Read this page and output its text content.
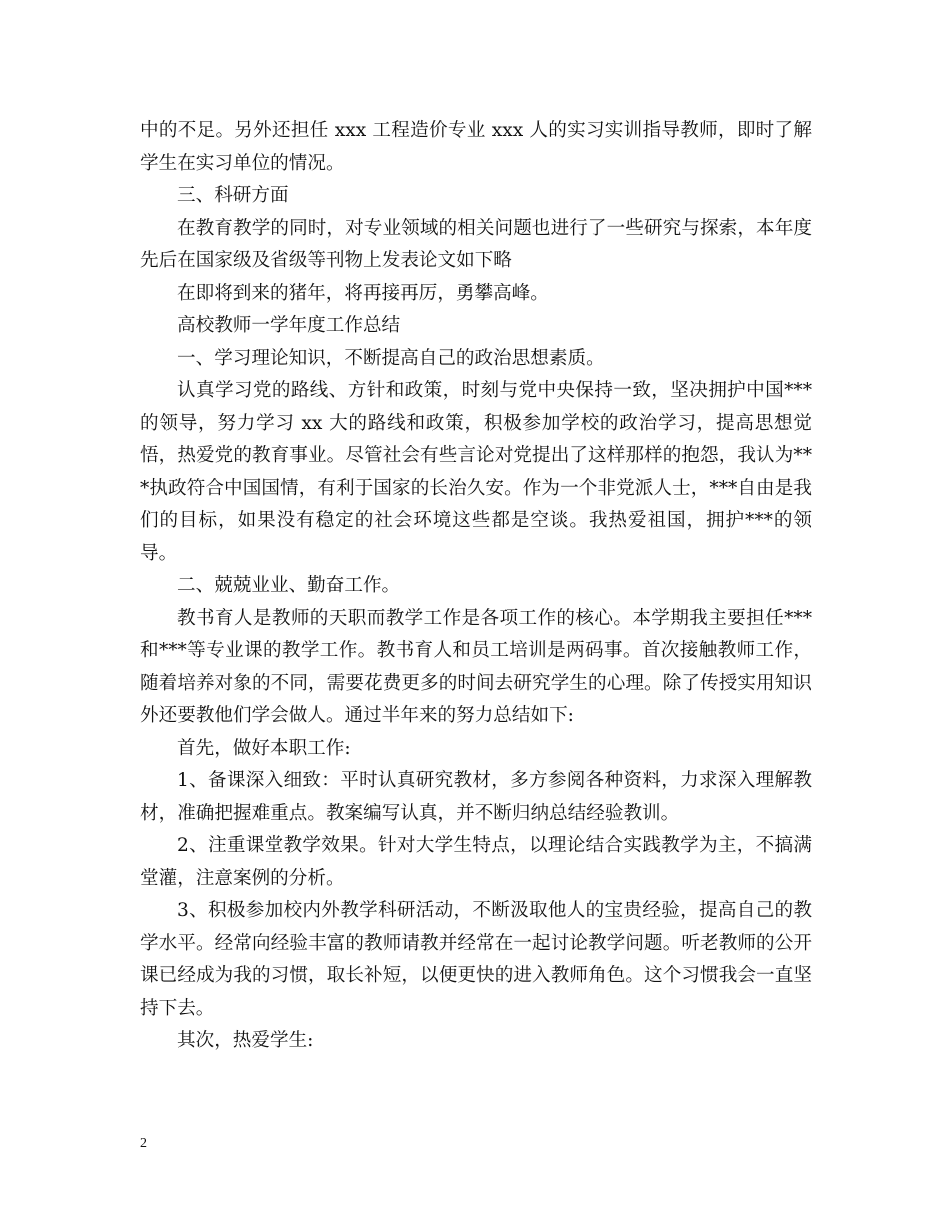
中的不足。另外还担任 xxx 工程造价专业 xxx 人的实习实训指导教师，即时了解学生在实习单位的情况。

三、科研方面

在教育教学的同时，对专业领域的相关问题也进行了一些研究与探索，本年度先后在国家级及省级等刊物上发表论文如下略

在即将到来的猪年，将再接再厉，勇攀高峰。

高校教师一学年度工作总结

一、学习理论知识，不断提高自己的政治思想素质。

认真学习党的路线、方针和政策，时刻与党中央保持一致，坚决拥护中国***的领导，努力学习 xx 大的路线和政策，积极参加学校的政治学习，提高思想觉悟，热爱党的教育事业。尽管社会有些言论对党提出了这样那样的抱怨，我认为***执政符合中国国情，有利于国家的长治久安。作为一个非党派人士，***自由是我们的目标，如果没有稳定的社会环境这些都是空谈。我热爱祖国，拥护***的领导。

二、兢兢业业、勤奋工作。

教书育人是教师的天职而教学工作是各项工作的核心。本学期我主要担任***和***等专业课的教学工作。教书育人和员工培训是两码事。首次接触教师工作，随着培养对象的不同，需要花费更多的时间去研究学生的心理。除了传授实用知识外还要教他们学会做人。通过半年来的努力总结如下:

首先，做好本职工作:

1、备课深入细致：平时认真研究教材，多方参阅各种资料，力求深入理解教材，准确把握难重点。教案编写认真，并不断归纳总结经验教训。

2、注重课堂教学效果。针对大学生特点，以理论结合实践教学为主，不搞满堂灌，注意案例的分析。

3、积极参加校内外教学科研活动，不断汲取他人的宝贵经验，提高自己的教学水平。经常向经验丰富的教师请教并经常在一起讨论教学问题。听老教师的公开课已经成为我的习惯，取长补短，以便更快的进入教师角色。这个习惯我会一直坚持下去。

其次，热爱学生:

2
